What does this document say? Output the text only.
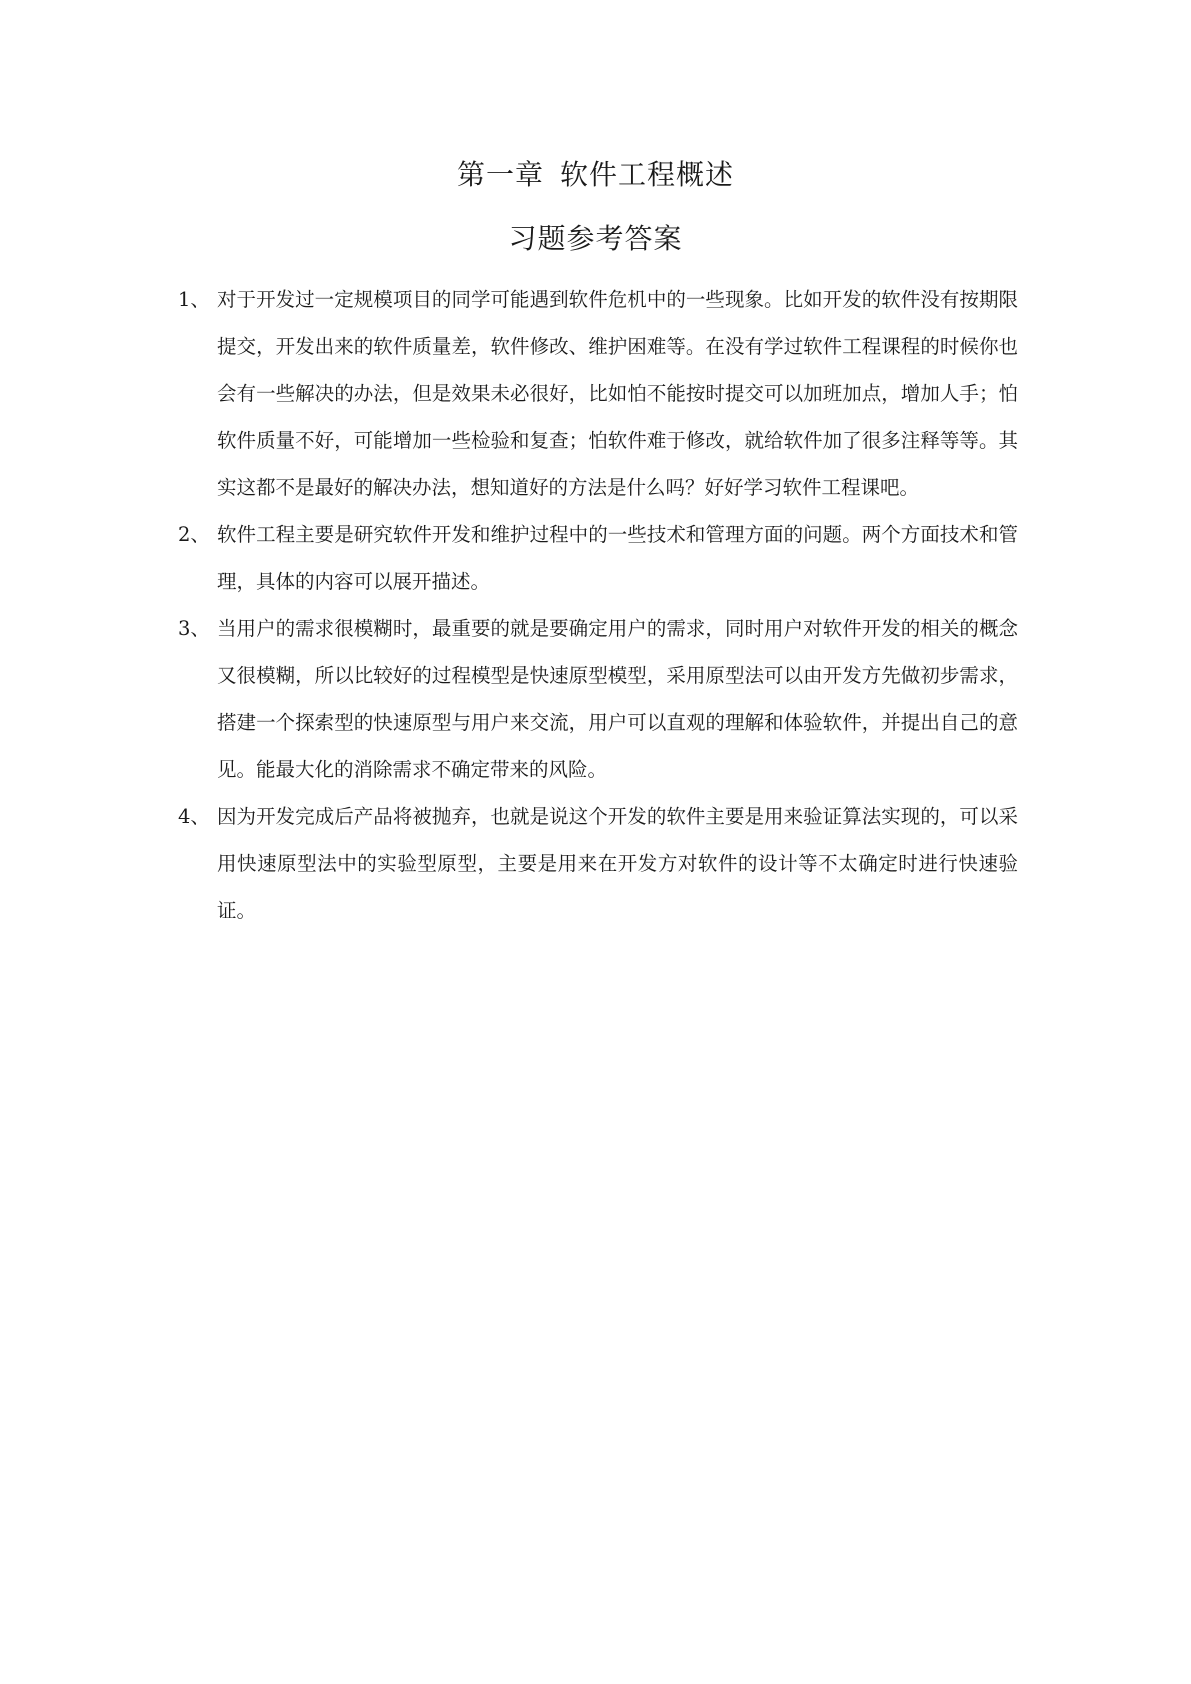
第一章 软件工程概述
习题参考答案
1、 对于开发过一定规模项目的同学可能遇到软件危机中的一些现象。比如开发的软件没有按期限提交，开发出来的软件质量差，软件修改、维护困难等。在没有学过软件工程课程的时候你也会有一些解决的办法，但是效果未必很好，比如怕不能按时提交可以加班加点，增加人手；怕软件质量不好，可能增加一些检验和复查；怕软件难于修改，就给软件加了很多注释等等。其实这都不是最好的解决办法，想知道好的方法是什么吗？好好学习软件工程课吧。
2、 软件工程主要是研究软件开发和维护过程中的一些技术和管理方面的问题。两个方面技术和管理，具体的内容可以展开描述。
3、 当用户的需求很模糊时，最重要的就是要确定用户的需求，同时用户对软件开发的相关的概念又很模糊，所以比较好的过程模型是快速原型模型，采用原型法可以由开发方先做初步需求，搭建一个探索型的快速原型与用户来交流，用户可以直观的理解和体验软件，并提出自己的意见。能最大化的消除需求不确定带来的风险。
4、 因为开发完成后产品将被抛弃，也就是说这个开发的软件主要是用来验证算法实现的，可以采用快速原型法中的实验型原型，主要是用来在开发方对软件的设计等不太确定时进行快速验证。
